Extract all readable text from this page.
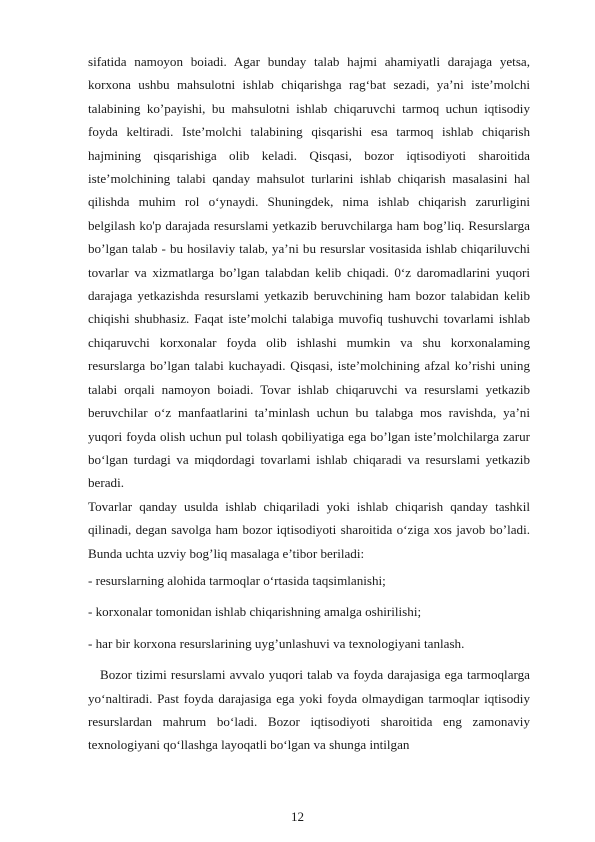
sifatida namoyon boiadi. Agar bunday talab hajmi ahamiyatli darajaga yetsa, korxona ushbu mahsulotni ishlab chiqarishga rag‘bat sezadi, ya’ni iste’molchi talabining ko’payishi, bu mahsulotni ishlab chiqaruvchi tarmoq uchun iqtisodiy foyda keltiradi. Iste’molchi talabining qisqarishi esa tarmoq ishlab chiqarish hajmining qisqarishiga olib keladi. Qisqasi, bozor iqtisodiyoti sharoitida iste’molchining talabi qanday mahsulot turlarini ishlab chiqarish masalasini hal qilishda muhim rol o‘ynaydi. Shuningdek, nima ishlab chiqarish zarurligini belgilash ko'p darajada resurslami yetkazib beruvchilarga ham bog’liq. Resurslarga bo’lgan talab - bu hosilaviy talab, ya’ni bu resurslar vositasida ishlab chiqariluvchi tovarlar va xizmatlarga bo’lgan talabdan kelib chiqadi. 0‘z daromadlarini yuqori darajaga yetkazishda resurslami yetkazib beruvchining ham bozor talabidan kelib chiqishi shubhasiz. Faqat iste’molchi talabiga muvofiq tushuvchi tovarlami ishlab chiqaruvchi korxonalar foyda olib ishlashi mumkin va shu korxonalaming resurslarga bo’lgan talabi kuchayadi. Qisqasi, iste’molchining afzal ko’rishi uning talabi orqali namoyon boiadi. Tovar ishlab chiqaruvchi va resurslami yetkazib beruvchilar o‘z manfaatlarini ta’minlash uchun bu talabga mos ravishda, ya’ni yuqori foyda olish uchun pul tolash qobiliyatiga ega bo’lgan iste’molchilarga zarur bo‘lgan turdagi va miqdordagi tovarlami ishlab chiqaradi va resurslami yetkazib beradi.

Tovarlar qanday usulda ishlab chiqariladi yoki ishlab chiqarish qanday tashkil qilinadi, degan savolga ham bozor iqtisodiyoti sharoitida o‘ziga xos javob bo’ladi. Bunda uchta uzviy bog’liq masalaga e’tibor beriladi:

- resurslarning alohida tarmoqlar o‘rtasida taqsimlanishi;

- korxonalar tomonidan ishlab chiqarishning amalga oshirilishi;

- har bir korxona resurslarining uyg’unlashuvi va texnologiyani tanlash.

Bozor tizimi resurslami avvalo yuqori talab va foyda darajasiga ega tarmoqlarga yo‘naltiradi. Past foyda darajasiga ega yoki foyda olmaydigan tarmoqlar iqtisodiy resurslardan mahrum bo‘ladi. Bozor iqtisodiyoti sharoitida eng zamonaviy texnologiyani qo‘llashga layoqatli bo‘lgan va shunga intilgan

12
